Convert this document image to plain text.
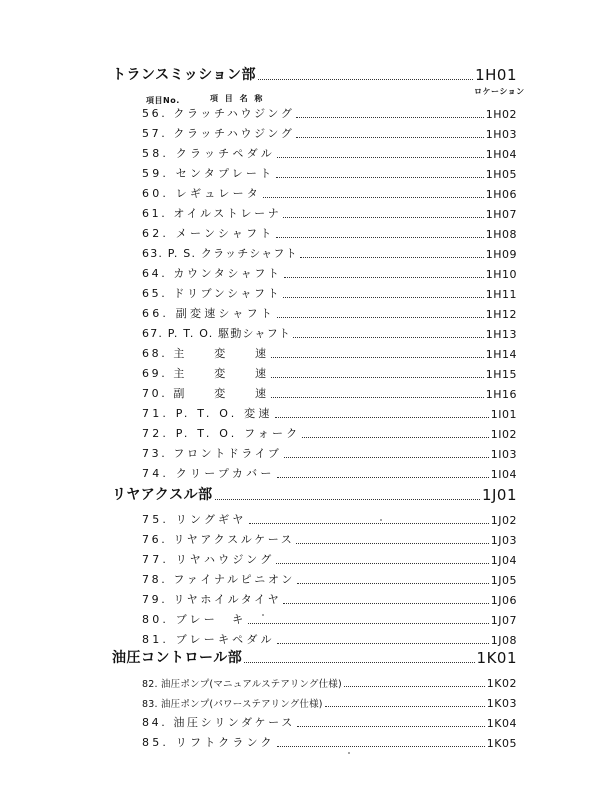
トランスミッション部	1H01
項目No.	項 目 名 称
ロケーション
56. クラッチハウジング	1H02
57. クラッチハウジング	1H03
58. クラッチペダル	1H04
59. センタプレート	1H05
60. レギュレータ	1H06
61. オイルストレーナ	1H07
62. メーンシャフト	1H08
63. P. S. クラッチシャフト	1H09
64. カウンタシャフト	1H10
65. ドリブンシャフト	1H11
66. 副変速シャフト	1H12
67. P. T. O. 駆動シャフト	1H13
68. 主　　変　　速	1H14
69. 主　　変　　速	1H15
70. 副　　変　　速	1H16
71. P. T. O. 変速	1I01
72. P. T. O. フォーク	1I02
73. フロントドライブ	1I03
74. クリープカバー	1I04
リヤアクスル部	1J01
75. リングギヤ	1J02
76. リヤアクスルケース	1J03
77. リヤハウジング	1J04
78. ファイナルピニオン	1J05
79. リヤホイルタイヤ	1J06
80. ブレー　キ	1J07
81. ブレーキペダル	1J08
油圧コントロール部	1K01
82. 油圧ポンプ(マニュアルステアリング仕様)	1K02
83. 油圧ポンプ(パワーステアリング仕様)	1K03
84. 油圧シリンダケース	1K04
85. リフトクランク	1K05
